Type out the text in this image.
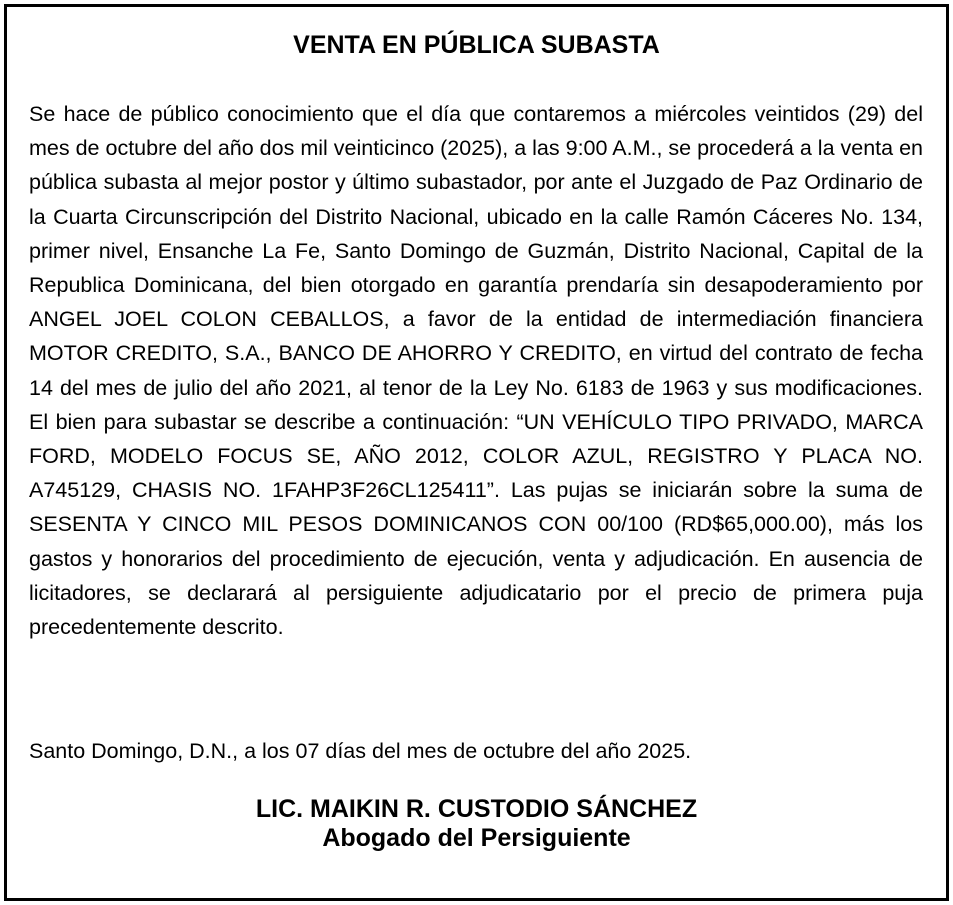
VENTA EN PÚBLICA SUBASTA

Se hace de público conocimiento que el día que contaremos a miércoles veintidos (29) del mes de octubre del año dos mil veinticinco (2025), a las 9:00 A.M., se procederá a la venta en pública subasta al mejor postor y último subastador, por ante el Juzgado de Paz Ordinario de la Cuarta Circunscripción del Distrito Nacional, ubicado en la calle Ramón Cáceres No. 134, primer nivel, Ensanche La Fe, Santo Domingo de Guzmán, Distrito Nacional, Capital de la Republica Dominicana, del bien otorgado en garantía prendaría sin desapoderamiento por ANGEL JOEL COLON CEBALLOS, a favor de la entidad de intermediación financiera MOTOR CREDITO, S.A., BANCO DE AHORRO Y CREDITO, en virtud del contrato de fecha 14 del mes de julio del año 2021, al tenor de la Ley No. 6183 de 1963 y sus modificaciones. El bien para subastar se describe a continuación: “UN VEHÍCULO TIPO PRIVADO, MARCA FORD, MODELO FOCUS SE, AÑO 2012, COLOR AZUL, REGISTRO Y PLACA NO. A745129, CHASIS NO. 1FAHP3F26CL125411”. Las pujas se iniciarán sobre la suma de SESENTA Y CINCO MIL PESOS DOMINICANOS CON 00/100 (RD$65,000.00), más los gastos y honorarios del procedimiento de ejecución, venta y adjudicación. En ausencia de licitadores, se declarará al persiguiente adjudicatario por el precio de primera puja precedentemente descrito.

Santo Domingo, D.N., a los 07 días del mes de octubre del año 2025.

LIC. MAIKIN R. CUSTODIO SÁNCHEZ
Abogado del Persiguiente
